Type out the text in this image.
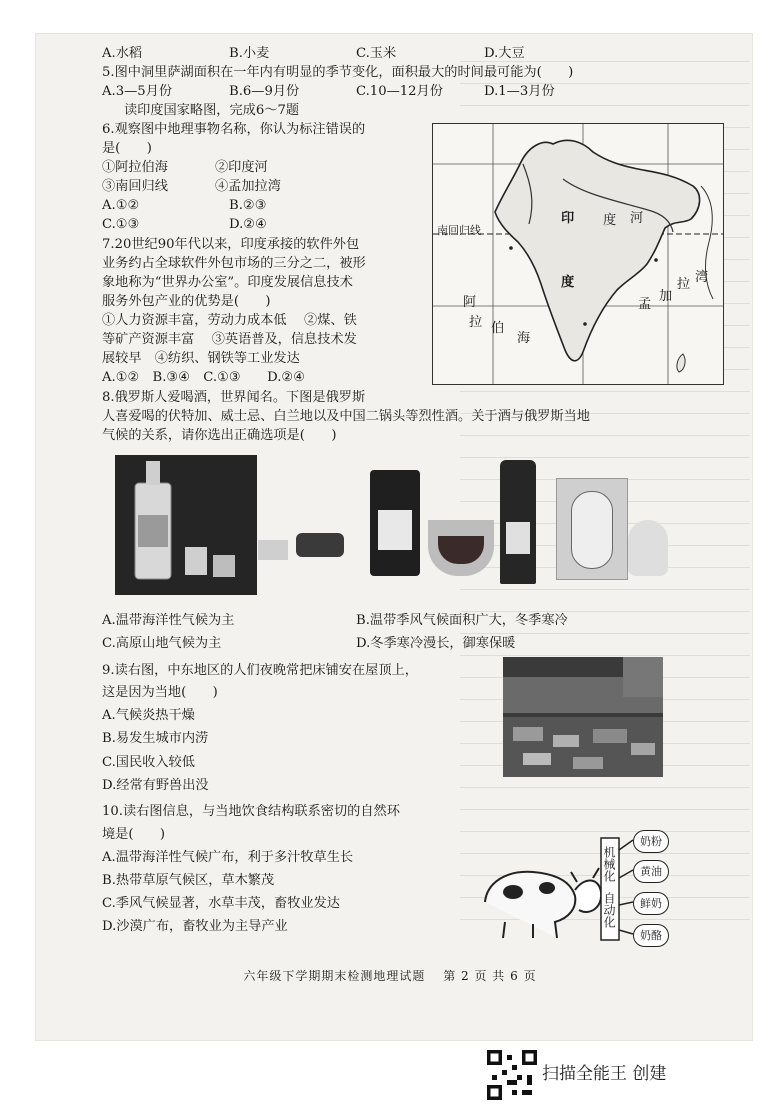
A.水稻	B.小麦	C.玉米	D.大豆
5.图中洞里萨湖面积在一年内有明显的季节变化，面积最大的时间最可能为(　　)
A.3—5月份	B.6—9月份	C.10—12月份	D.1—3月份
读印度国家略图，完成6～7题
6.观察图中地理事物名称，你认为标注错误的
是(　　)
①阿拉伯海	②印度河
③南回归线	④孟加拉湾
A.①②	B.②③
C.①③	D.②④
7.20世纪90年代以来，印度承接的软件外包
业务约占全球软件外包市场的三分之二，被形
象地称为“世界办公室”。印度发展信息技术
服务外包产业的优势是(　　)
①人力资源丰富，劳动力成本低　 ②煤、铁
等矿产资源丰富　 ③英语普及，信息技术发
展较早　④纺织、钢铁等工业发达
A.①②　B.③④　C.①③　　D.②④
印 度 河
度
南回归线
孟
加
拉 湾
阿
拉 伯
海
8.俄罗斯人爱喝酒，世界闻名。下图是俄罗斯
人喜爱喝的伏特加、威士忌、白兰地以及中国二锅头等烈性酒。关于酒与俄罗斯当地
气候的关系，请你选出正确选项是(　　)
A.温带海洋性气候为主	B.温带季风气候面积广大，冬季寒冷
C.高原山地气候为主	D.冬季寒冷漫长，御寒保暖
9.读右图，中东地区的人们夜晚常把床铺安在屋顶上，
这是因为当地(　　)
A.气候炎热干燥
B.易发生城市内涝
C.国民收入较低
D.经常有野兽出没
10.读右图信息，与当地饮食结构联系密切的自然环
境是(　　)
A.温带海洋性气候广布，利于多汁牧草生长
B.热带草原气候区，草木繁茂
C.季风气候显著，水草丰茂，畜牧业发达
D.沙漠广布，畜牧业为主导产业
机械化
自动化
奶粉
黄油
鲜奶
奶酪
六年级下学期期末检测地理试题　 第 2 页 共 6 页
扫描全能王 创建
